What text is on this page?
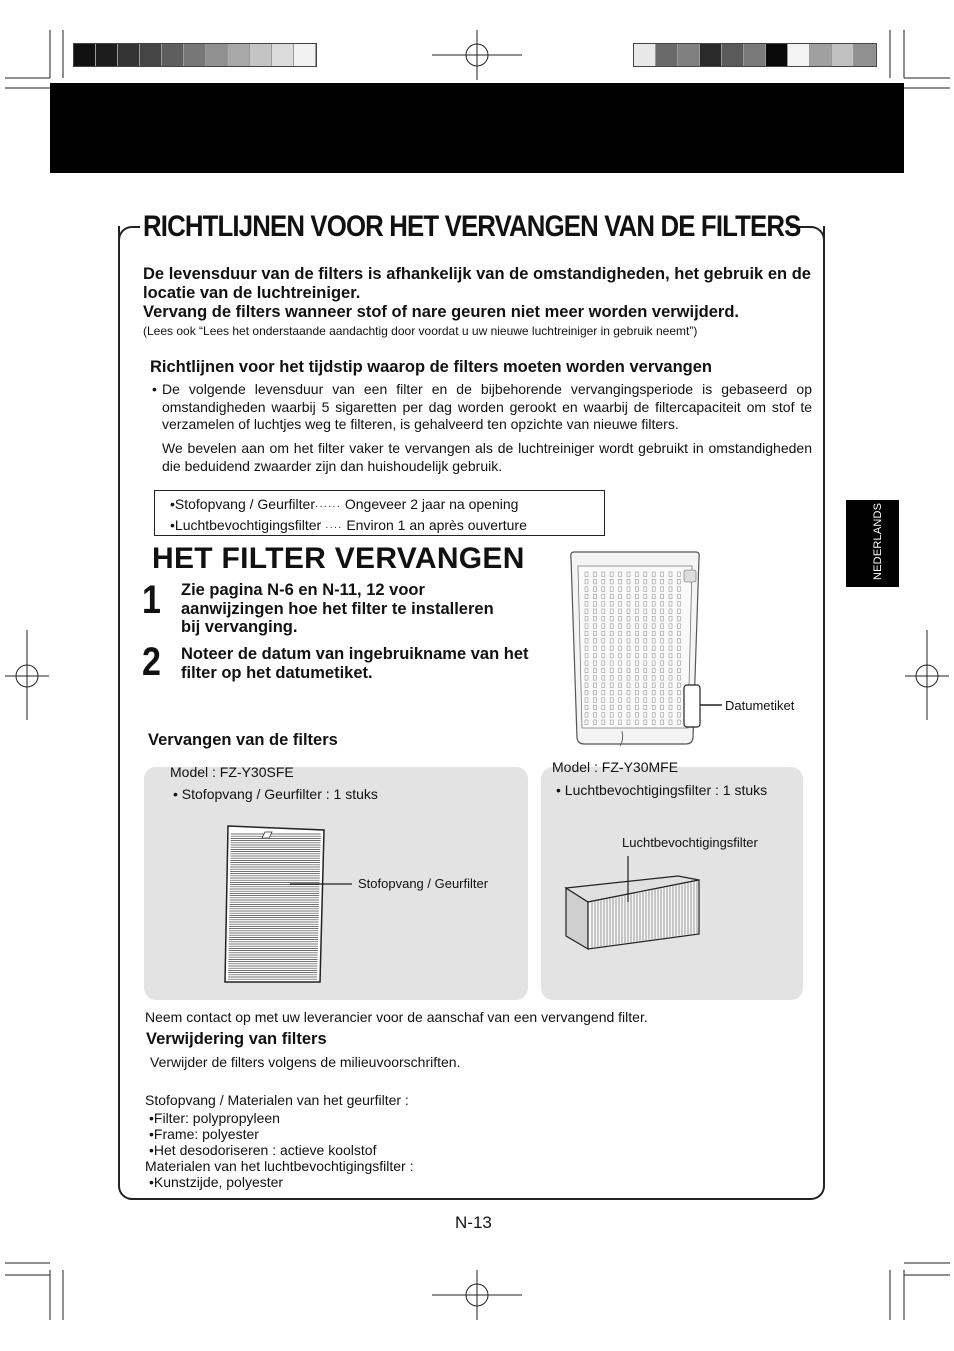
RICHTLIJNEN VOOR HET VERVANGEN VAN DE FILTERS
De levensduur van de filters is afhankelijk van de omstandigheden, het gebruik en de locatie van de luchtreiniger.
Vervang de filters wanneer stof of nare geuren niet meer worden verwijderd.
(Lees ook “Lees het onderstaande aandachtig door voordat u uw nieuwe luchtreiniger in gebruik neemt”)
Richtlijnen voor het tijdstip waarop de filters moeten worden vervangen
• De volgende levensduur van een filter en de bijbehorende vervangingsperiode is gebaseerd op omstandigheden waarbij 5 sigaretten per dag worden gerookt en waarbij de filtercapaciteit om stof te verzamelen of luchtjes weg te filteren, is gehalveerd ten opzichte van nieuwe filters.
We bevelen aan om het filter vaker te vervangen als de luchtreiniger wordt gebruikt in omstandigheden die beduidend zwaarder zijn dan huishoudelijk gebruik.
•Stofopvang / Geurfilter······ Ongeveer 2 jaar na opening
•Luchtbevochtigingsfilter ···· Environ 1 an après ouverture
HET FILTER VERVANGEN
1 Zie pagina N-6 en N-11, 12 voor aanwijzingen hoe het filter te installeren bij vervanging.
2 Noteer de datum van ingebruikname van het filter op het datumetiket.
Datumetiket
Vervangen van de filters
Model : FZ-Y30SFE
• Stofopvang / Geurfilter : 1 stuks
Stofopvang / Geurfilter
Model : FZ-Y30MFE
• Luchtbevochtigingsfilter : 1 stuks
Luchtbevochtigingsfilter
Neem contact op met uw leverancier voor de aanschaf van een vervangend filter.
Verwijdering van filters
Verwijder de filters volgens de milieuvoorschriften.
Stofopvang / Materialen van het geurfilter :
•Filter: polypropyleen
•Frame: polyester
•Het desodoriseren : actieve koolstof
Materialen van het luchtbevochtigingsfilter :
•Kunstzijde, polyester
NEDERLANDS
N-13
